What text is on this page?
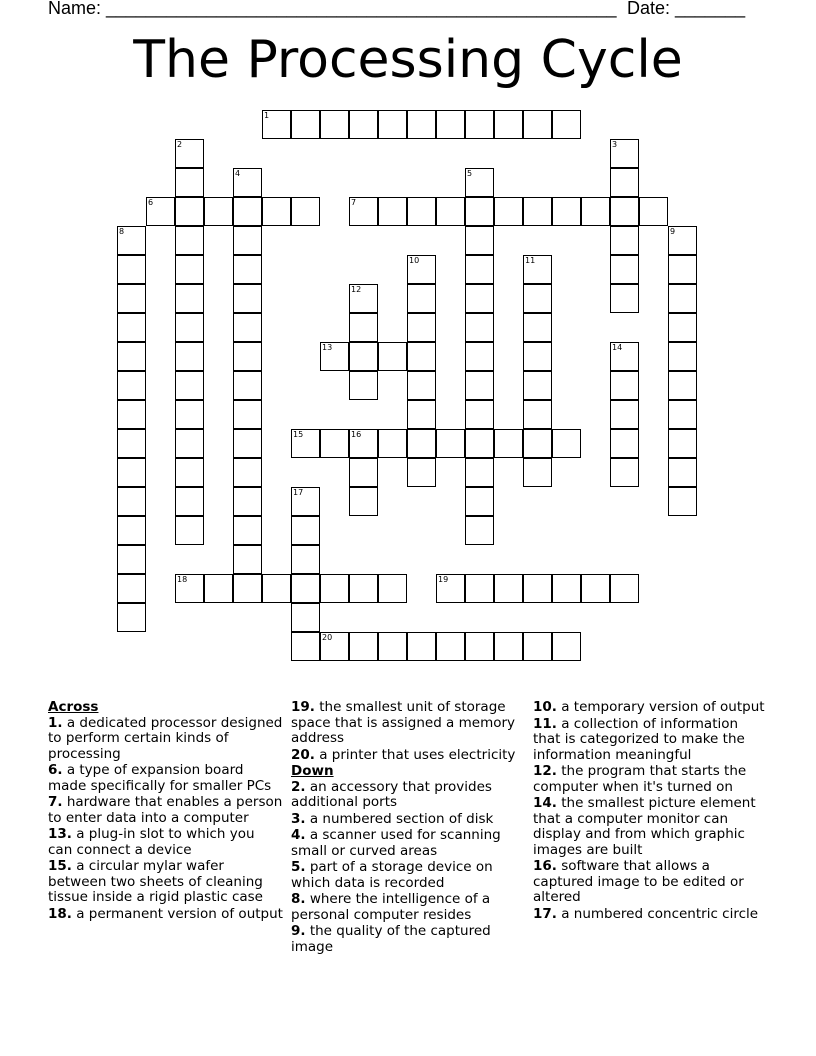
Name: ___________________________________________________ Date: _______
The Processing Cycle
1
6	7
13
15	16
18	19
20
2	3
4	5
8	9
10	11
12
14
17
Across
1. a dedicated processor designed to perform certain kinds of processing
6. a type of expansion board made specifically for smaller PCs
7. hardware that enables a person to enter data into a computer
13. a plug-in slot to which you can connect a device
15. a circular mylar wafer between two sheets of cleaning tissue inside a rigid plastic case
18. a permanent version of output
19. the smallest unit of storage space that is assigned a memory address
20. a printer that uses electricity
Down
2. an accessory that provides additional ports
3. a numbered section of disk
4. a scanner used for scanning small or curved areas
5. part of a storage device on which data is recorded
8. where the intelligence of a personal computer resides
9. the quality of the captured image
10. a temporary version of output
11. a collection of information that is categorized to make the information meaningful
12. the program that starts the computer when it's turned on
14. the smallest picture element that a computer monitor can display and from which graphic images are built
16. software that allows a captured image to be edited or altered
17. a numbered concentric circle
